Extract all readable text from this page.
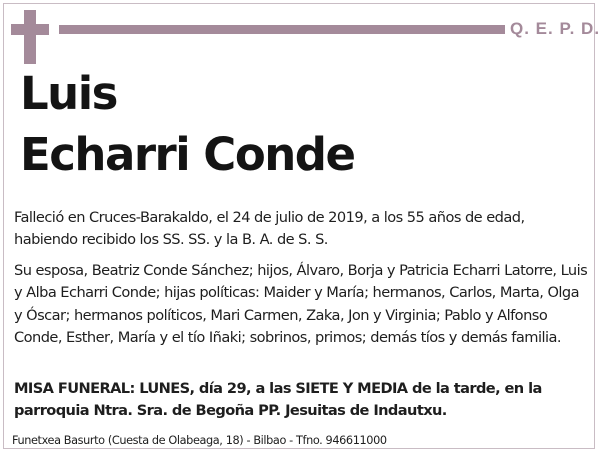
Q. E. P. D.
Luis
Echarri Conde
Falleció en Cruces-Barakaldo, el 24 de julio de 2019, a los 55 años de edad, habiendo recibido los SS. SS. y la B. A. de S. S.
Su esposa, Beatriz Conde Sánchez; hijos, Álvaro, Borja y Patricia Echarri Latorre, Luis y Alba Echarri Conde; hijas políticas: Maider y María; hermanos, Carlos, Marta, Olga y Óscar; hermanos políticos, Mari Carmen, Zaka, Jon y Virginia; Pablo y Alfonso Conde, Esther, María y el tío Iñaki; sobrinos, primos; demás tíos y demás familia.
MISA FUNERAL: LUNES, día 29, a las SIETE Y MEDIA de la tarde, en la parroquia Ntra. Sra. de Begoña PP. Jesuitas de Indautxu.
Funetxea Basurto (Cuesta de Olabeaga, 18) - Bilbao - Tfno. 946611000
